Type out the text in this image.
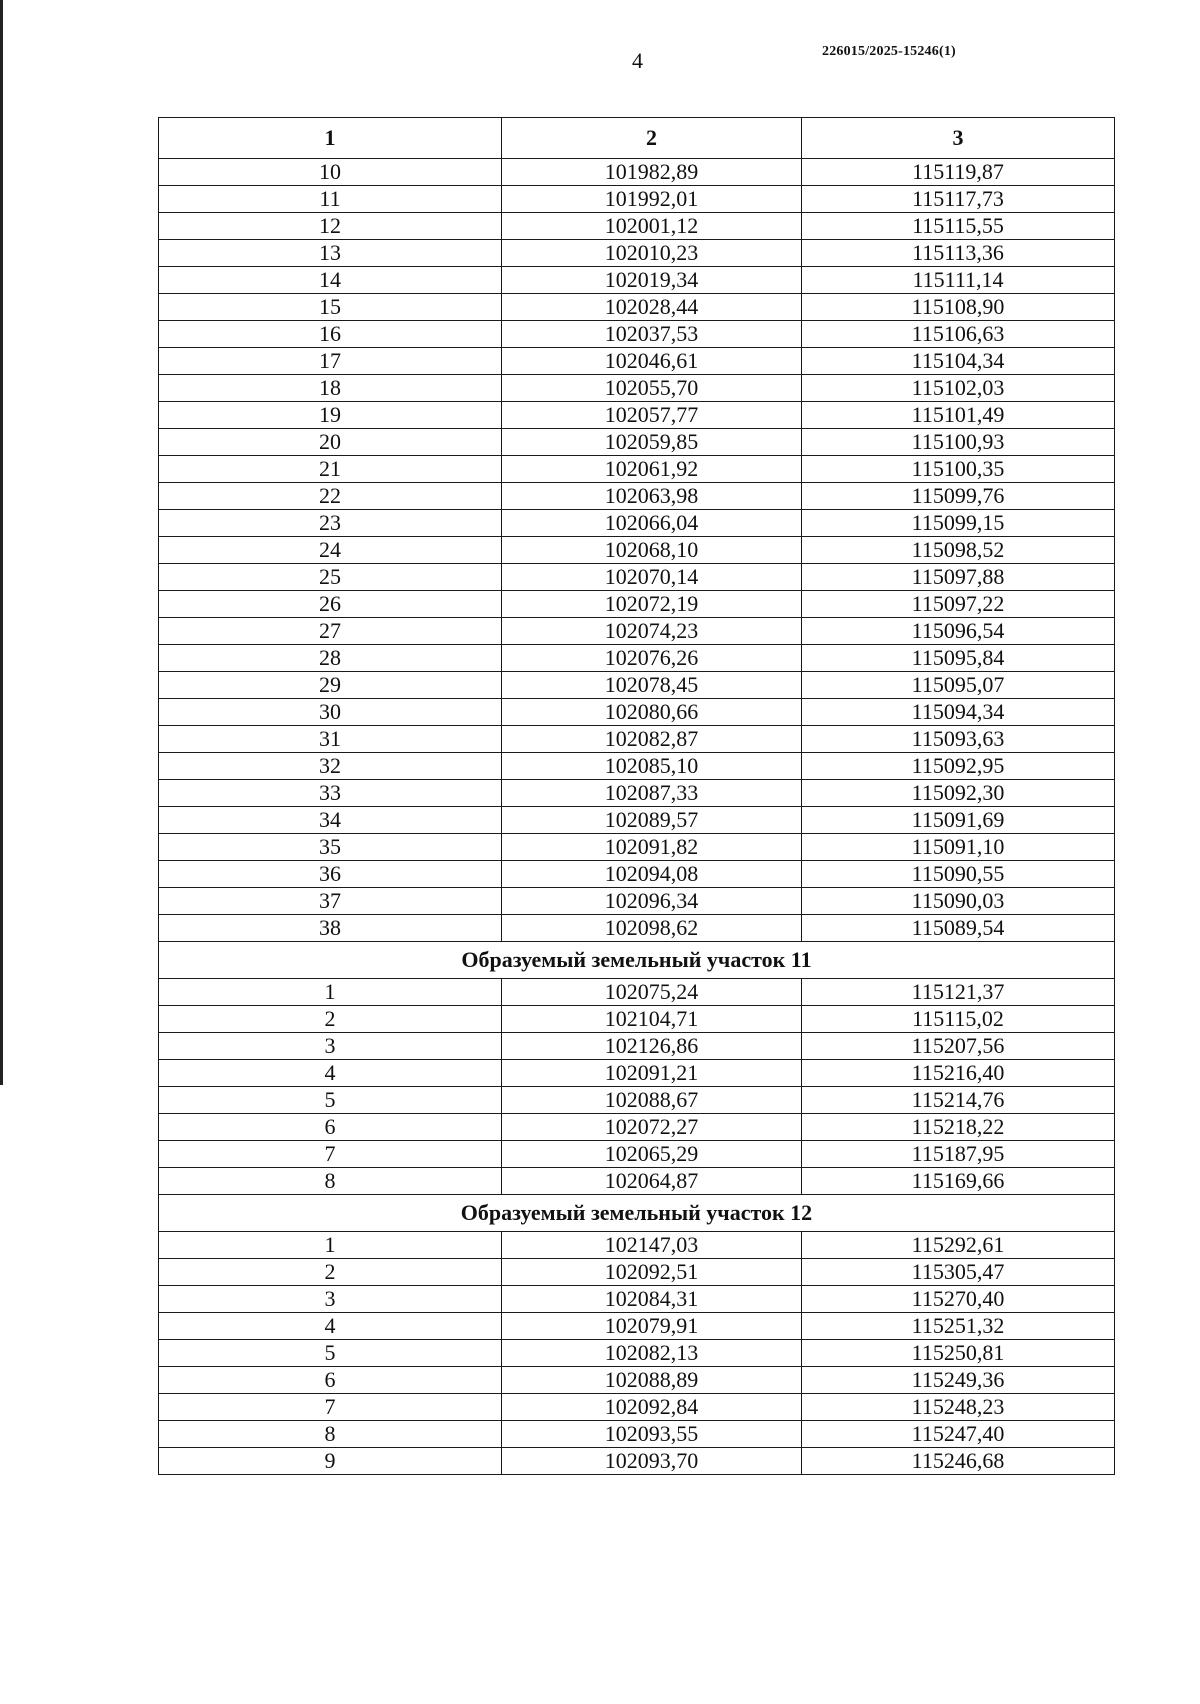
4	226015/2025-15246(1)
1	2	3
10	101982,89	115119,87
11	101992,01	115117,73
12	102001,12	115115,55
13	102010,23	115113,36
14	102019,34	115111,14
15	102028,44	115108,90
16	102037,53	115106,63
17	102046,61	115104,34
18	102055,70	115102,03
19	102057,77	115101,49
20	102059,85	115100,93
21	102061,92	115100,35
22	102063,98	115099,76
23	102066,04	115099,15
24	102068,10	115098,52
25	102070,14	115097,88
26	102072,19	115097,22
27	102074,23	115096,54
28	102076,26	115095,84
29	102078,45	115095,07
30	102080,66	115094,34
31	102082,87	115093,63
32	102085,10	115092,95
33	102087,33	115092,30
34	102089,57	115091,69
35	102091,82	115091,10
36	102094,08	115090,55
37	102096,34	115090,03
38	102098,62	115089,54
Образуемый земельный участок 11		
1	102075,24	115121,37
2	102104,71	115115,02
3	102126,86	115207,56
4	102091,21	115216,40
5	102088,67	115214,76
6	102072,27	115218,22
7	102065,29	115187,95
8	102064,87	115169,66
Образуемый земельный участок 12		
1	102147,03	115292,61
2	102092,51	115305,47
3	102084,31	115270,40
4	102079,91	115251,32
5	102082,13	115250,81
6	102088,89	115249,36
7	102092,84	115248,23
8	102093,55	115247,40
9	102093,70	115246,68
